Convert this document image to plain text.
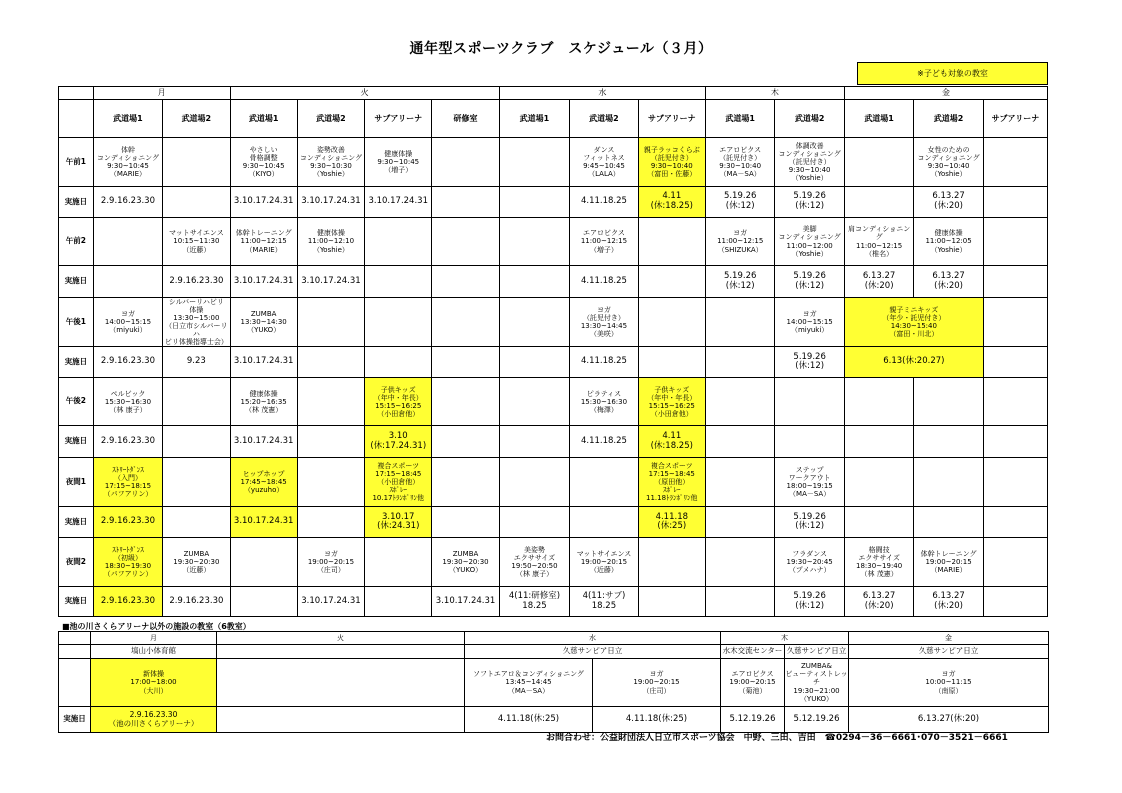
通年型スポーツクラブ　スケジュール（３月）
※子ども対象の教室
	月		火				水			木		金		
	武道場1	武道場2	武道場1	武道場2	サブアリーナ	研修室	武道場1	武道場2	サブアリーナ	武道場1	武道場2	武道場1	武道場2	サブアリーナ
午前1	体幹
コンディショニング
9:30~10:45
（MARIE）		やさしい
骨格調整
9:30~10:45
（KIYO）	姿勢改善
コンディショニング
9:30~10:30
（Yoshie）	健康体操
9:30~10:45
（増子）			ダンス
フィットネス
9:45~10:45
（LALA）	親子ラッコくらぶ
（託児付き）
9:30~10:40
（富田・佐藤）	エアロビクス
（託児付き）
9:30~10:40
（MA－SA）	体調改善
コンディショニング
（託児付き）
9:30~10:40
（Yoshie）		女性のための
コンディショニング
9:30~10:40
（Yoshie）	
実施日	2.9.16.23.30		3.10.17.24.31	3.10.17.24.31	3.10.17.24.31			4.11.18.25	4.11
(休:18.25)	5.19.26
(休:12)	5.19.26
(休:12)		6.13.27
(休:20)	
午前2		マットサイエンス
10:15~11:30
（近藤）	体幹トレーニング
11:00~12:15
（MARIE）	健康体操
11:00~12:10
（Yoshie）				エアロビクス
11:00~12:15
（増子）		ヨガ
11:00~12:15
（SHIZUKA）	美脚
コンディショニング
11:00~12:00
（Yoshie）	肩コンディショニング
11:00~12:15
（椎名）	健康体操
11:00~12:05
（Yoshie）	
実施日		2.9.16.23.30	3.10.17.24.31	3.10.17.24.31				4.11.18.25		5.19.26
(休:12)	5.19.26
(休:12)	6.13.27
(休:20)	6.13.27
(休:20)	
午後1	ヨガ
14:00~15:15
（miyuki）	シルバーリハビリ
体操
13:30~15:00
（日立市シルバーリハ
ビリ体操指導士会）	ZUMBA
13:30~14:30
（YUKO）					ヨガ
（託児付き）
13:30~14:45
（美咲）			ヨガ
14:00~15:15
（miyuki）	親子ミニキッズ
（年少・託児付き）
14:30~15:40
（富田・川北）		
実施日	2.9.16.23.30	9.23	3.10.17.24.31					4.11.18.25			5.19.26
(休:12)	6.13(休:20.27)		
午後2	ペルビック
15:30~16:30
（林 康子）		健康体操
15:20~16:35
（林 茂憲）		子供キッズ
（年中・年長）
15:15~16:25
（小田倉他）			ピラティス
15:30~16:30
（梅澤）	子供キッズ
（年中・年長）
15:15~16:25
（小田倉他）					
実施日	2.9.16.23.30		3.10.17.24.31		3.10
(休:17.24.31)			4.11.18.25	4.11
(休:18.25)					
夜間1	ｽﾄﾘｰﾄﾀﾞﾝｽ
（入門）
17:15~18:15
（パフアリン）		ヒップホップ
17:45~18:45
（yuzuho）		複合スポーツ
17:15~18:45
（小田倉他）
ｽﾎﾟﾚｰ
10.17ﾄﾗﾝﾎﾟﾘﾝ他				複合スポーツ
17:15~18:45
（原田他）
ｽﾎﾟﾚｰ
11.18ﾄﾗﾝﾎﾟﾘﾝ他		ステップ
ワークアウト
18:00~19:15
（MA－SA）			
実施日	2.9.16.23.30		3.10.17.24.31		3.10.17
(休:24.31)				4.11.18
(休:25)		5.19.26
(休:12)			
夜間2	ｽﾄﾘｰﾄﾀﾞﾝｽ
（初級）
18:30~19:30
（パフアリン）	ZUMBA
19:30~20:30
（近藤）		ヨガ
19:00~20:15
（庄司）		ZUMBA
19:30~20:30
（YUKO）	美姿勢
エクササイズ
19:50~20:50
（林 康子）	マットサイエンス
19:00~20:15
（近藤）			フラダンス
19:30~20:45
（プメハナ）	格闘技
エクササイズ
18:30~19:40
（林 茂憲）	体幹トレーニング
19:00~20:15
（MARIE）	
実施日	2.9.16.23.30	2.9.16.23.30		3.10.17.24.31		3.10.17.24.31	4(11:研修室)
18.25	4(11:サブ)
18.25			5.19.26
(休:12)	6.13.27
(休:20)	6.13.27
(休:20)	
■池の川さくらアリーナ以外の施設の教室（6教室）
	月	火	水		木		金
	塙山小体育館		久慈サンピア日立		水木交流センター	久慈サンピア日立	久慈サンピア日立
	新体操
17:00~18:00
（大川）		ソフトエアロ＆コンディショニング
13:45~14:45
（MA－SA）	ヨガ
19:00~20:15
（庄司）	エアロビクス
19:00~20:15
（菊池）	ZUMBA&
ビューティストレッチ
19:30~21:00
（YUKO）	ヨガ
10:00~11:15
（南原）
実施日	2.9.16.23.30
（池の川さくらアリーナ）		4.11.18(休:25)	4.11.18(休:25)	5.12.19.26	5.12.19.26	6.13.27(休:20)
お問合わせ：公益財団法人日立市スポーツ協会　中野、三田、吉田　☎0294－36－6661･070－3521－6661
